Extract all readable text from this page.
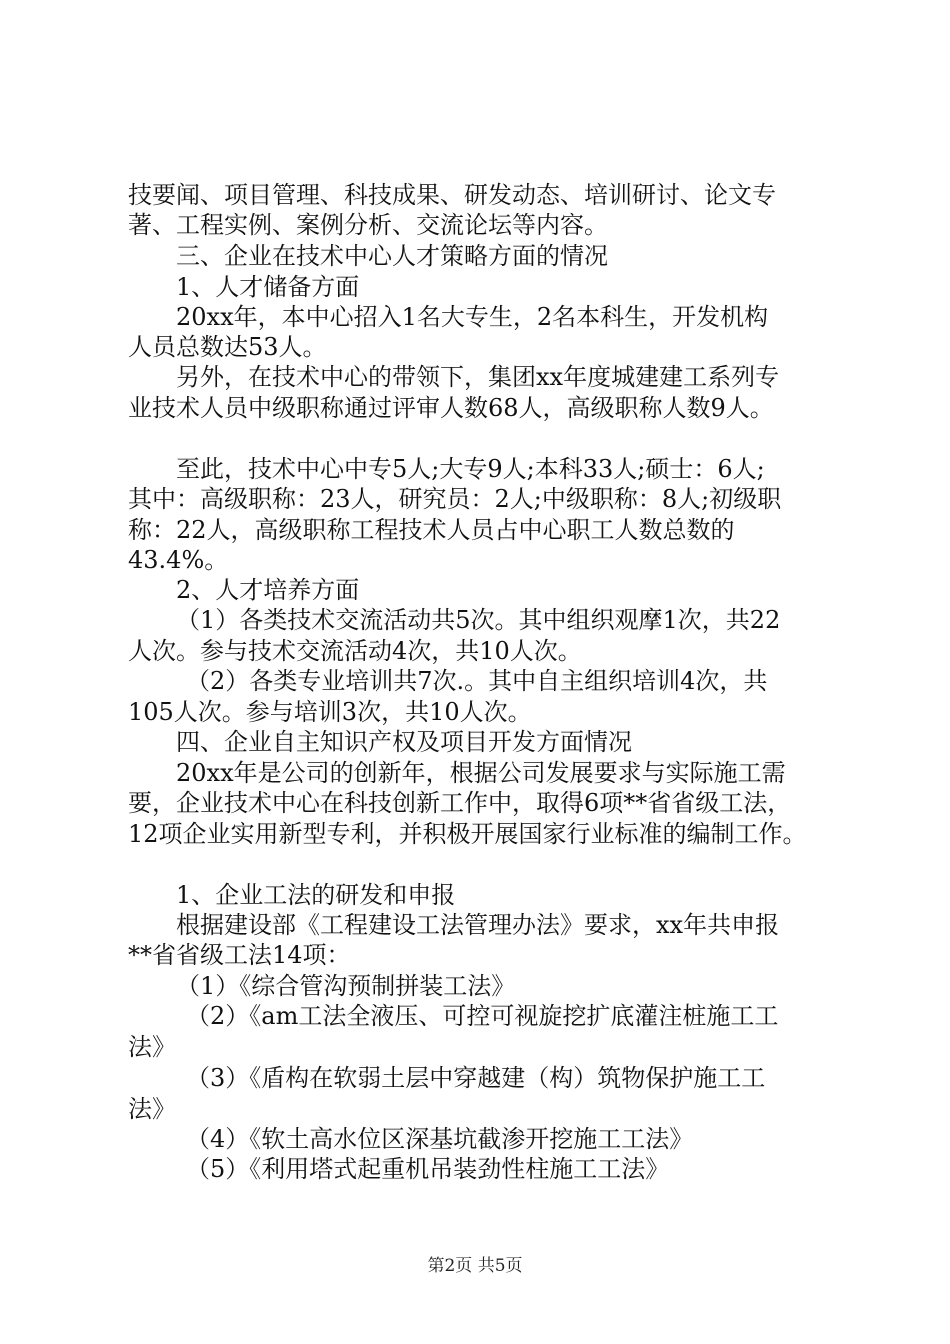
技要闻、项目管理、科技成果、研发动态、培训研讨、论文专

著、工程实例、案例分析、交流论坛等内容。

三、企业在技术中心人才策略方面的情况

1、人才储备方面

20xx年，本中心招入1名大专生，2名本科生，开发机构

人员总数达53人。

另外，在技术中心的带领下，集团xx年度城建建工系列专

业技术人员中级职称通过评审人数68人，高级职称人数9人。

至此，技术中心中专5人;大专9人;本科33人;硕士：6人;

其中：高级职称：23人，研究员：2人;中级职称：8人;初级职

称：22人，高级职称工程技术人员占中心职工人数总数的

43.4%。

2、人才培养方面

（1）各类技术交流活动共5次。其中组织观摩1次，共22

人次。参与技术交流活动4次，共10人次。

（2）各类专业培训共7次.。其中自主组织培训4次，共

105人次。参与培训3次，共10人次。

四、企业自主知识产权及项目开发方面情况

20xx年是公司的创新年，根据公司发展要求与实际施工需

要，企业技术中心在科技创新工作中，取得6项**省省级工法，

12项企业实用新型专利，并积极开展国家行业标准的编制工作。

1、企业工法的研发和申报

根据建设部《工程建设工法管理办法》要求，xx年共申报

**省省级工法14项：

（1）《综合管沟预制拼装工法》

（2）《am工法全液压、可控可视旋挖扩底灌注桩施工工

法》

（3）《盾构在软弱土层中穿越建（构）筑物保护施工工

法》

（4）《软土高水位区深基坑截渗开挖施工工法》

（5）《利用塔式起重机吊装劲性柱施工工法》

第2页 共5页
